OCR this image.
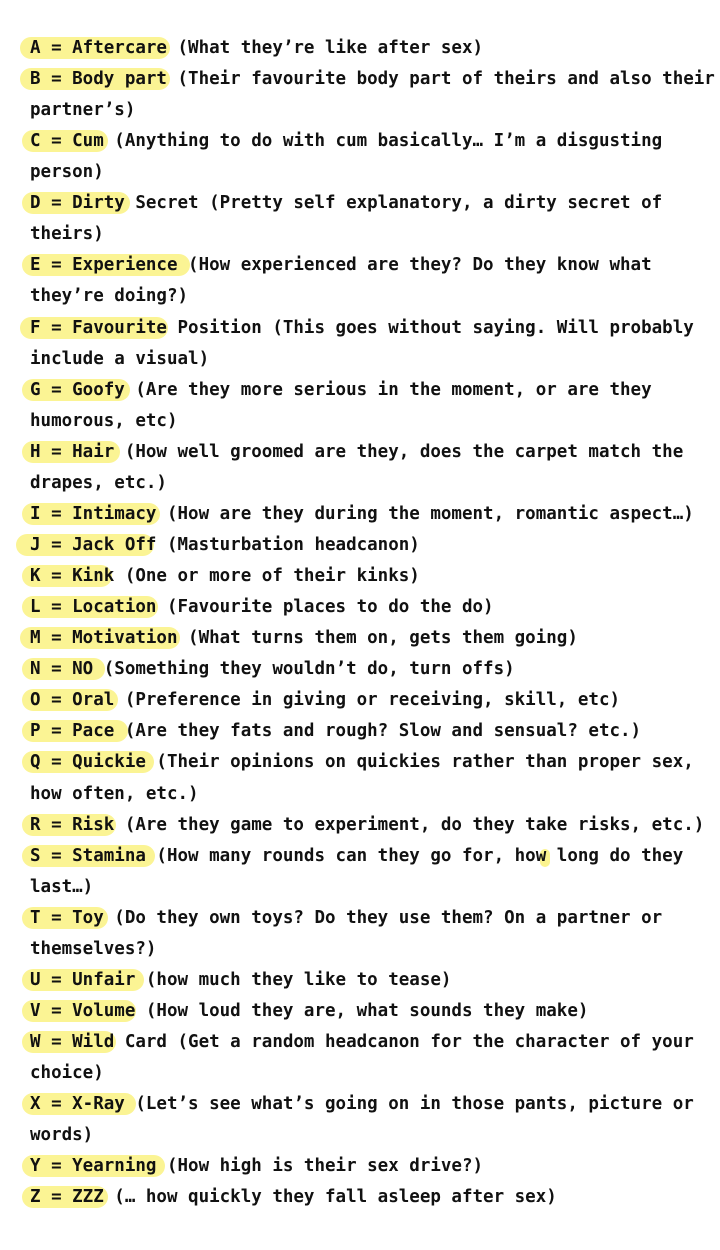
A = Aftercare (What they’re like after sex)
B = Body part (Their favourite body part of theirs and also their
partner’s)
C = Cum (Anything to do with cum basically… I’m a disgusting
person)
D = Dirty Secret (Pretty self explanatory, a dirty secret of
theirs)
E = Experience (How experienced are they? Do they know what
they’re doing?)
F = Favourite Position (This goes without saying. Will probably
include a visual)
G = Goofy (Are they more serious in the moment, or are they
humorous, etc)
H = Hair (How well groomed are they, does the carpet match the
drapes, etc.)
I = Intimacy (How are they during the moment, romantic aspect…)
J = Jack Off (Masturbation headcanon)
K = Kink (One or more of their kinks)
L = Location (Favourite places to do the do)
M = Motivation (What turns them on, gets them going)
N = NO (Something they wouldn’t do, turn offs)
O = Oral (Preference in giving or receiving, skill, etc)
P = Pace (Are they fats and rough? Slow and sensual? etc.)
Q = Quickie (Their opinions on quickies rather than proper sex,
how often, etc.)
R = Risk (Are they game to experiment, do they take risks, etc.)
S = Stamina (How many rounds can they go for, how long do they
last…)
T = Toy (Do they own toys? Do they use them? On a partner or
themselves?)
U = Unfair (how much they like to tease)
V = Volume (How loud they are, what sounds they make)
W = Wild Card (Get a random headcanon for the character of your
choice)
X = X-Ray (Let’s see what’s going on in those pants, picture or
words)
Y = Yearning (How high is their sex drive?)
Z = ZZZ (… how quickly they fall asleep after sex)
